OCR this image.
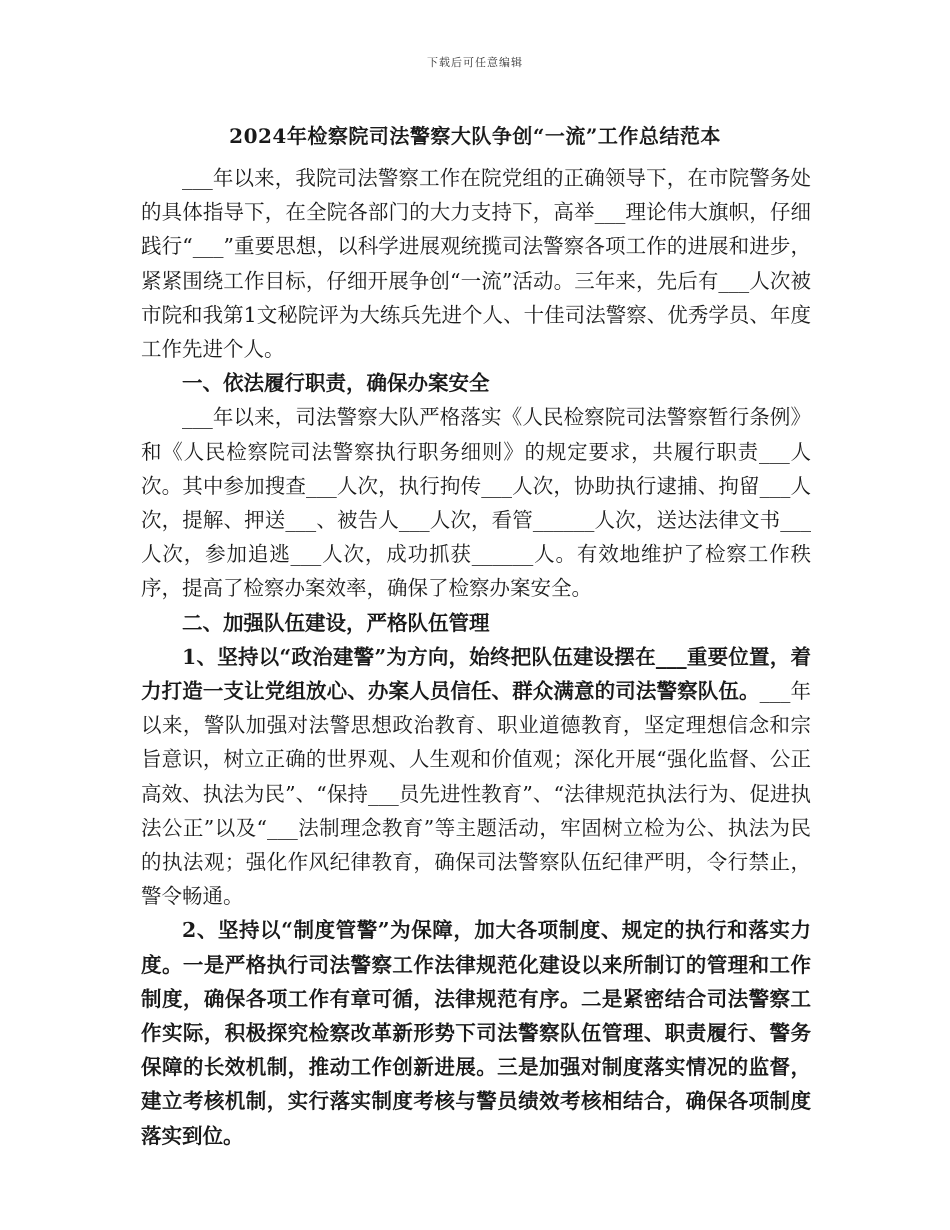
下载后可任意编辑
2024年检察院司法警察大队争创“一流”工作总结范本

___年以来，我院司法警察工作在院党组的正确领导下，在市院警务处的具体指导下，在全院各部门的大力支持下，高举___理论伟大旗帜，仔细践行“___”重要思想，以科学进展观统揽司法警察各项工作的进展和进步，紧紧围绕工作目标，仔细开展争创“一流”活动。三年来，先后有___人次被市院和我第1文秘院评为大练兵先进个人、十佳司法警察、优秀学员、年度工作先进个人。

一、依法履行职责，确保办案安全

___年以来，司法警察大队严格落实《人民检察院司法警察暂行条例》和《人民检察院司法警察执行职务细则》的规定要求，共履行职责___人次。其中参加搜查___人次，执行拘传___人次，协助执行逮捕、拘留___人次，提解、押送___、被告人___人次，看管______人次，送达法律文书___人次，参加追逃___人次，成功抓获______人。有效地维护了检察工作秩序，提高了检察办案效率，确保了检察办案安全。

二、加强队伍建设，严格队伍管理

1、坚持以“政治建警”为方向，始终把队伍建设摆在___重要位置，着力打造一支让党组放心、办案人员信任、群众满意的司法警察队伍。___年以来，警队加强对法警思想政治教育、职业道德教育，坚定理想信念和宗旨意识，树立正确的世界观、人生观和价值观；深化开展“强化监督、公正高效、执法为民”、“保持___员先进性教育”、“法律规范执法行为、促进执法公正”以及“___法制理念教育”等主题活动，牢固树立检为公、执法为民的执法观；强化作风纪律教育，确保司法警察队伍纪律严明，令行禁止，警令畅通。

2、坚持以“制度管警”为保障，加大各项制度、规定的执行和落实力度。一是严格执行司法警察工作法律规范化建设以来所制订的管理和工作制度，确保各项工作有章可循，法律规范有序。二是紧密结合司法警察工作实际，积极探究检察改革新形势下司法警察队伍管理、职责履行、警务保障的长效机制，推动工作创新进展。三是加强对制度落实情况的监督，建立考核机制，实行落实制度考核与警员绩效考核相结合，确保各项制度落实到位。
